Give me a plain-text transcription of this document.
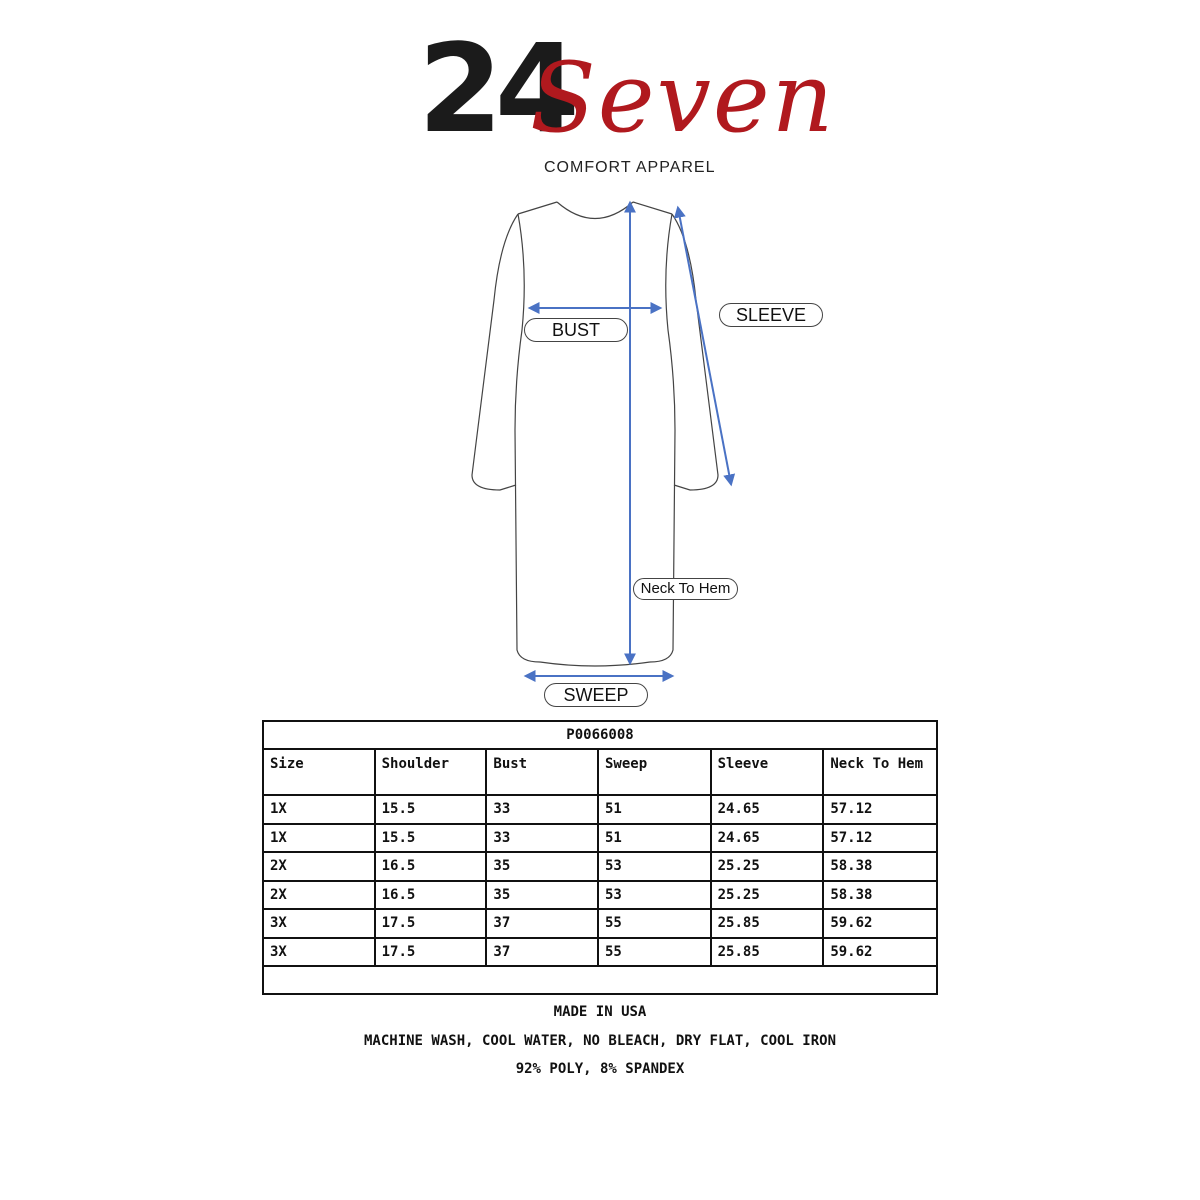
24
Seven
COMFORT APPAREL
BUST
SLEEVE
Neck To Hem
SWEEP
P0066008					
Size	Shoulder	Bust	Sweep	Sleeve	Neck To Hem
1X	15.5	33	51	24.65	57.12
1X	15.5	33	51	24.65	57.12
2X	16.5	35	53	25.25	58.38
2X	16.5	35	53	25.25	58.38
3X	17.5	37	55	25.85	59.62
3X	17.5	37	55	25.85	59.62

MADE IN USA
MACHINE WASH, COOL WATER, NO BLEACH, DRY FLAT, COOL IRON
92% POLY, 8% SPANDEX
